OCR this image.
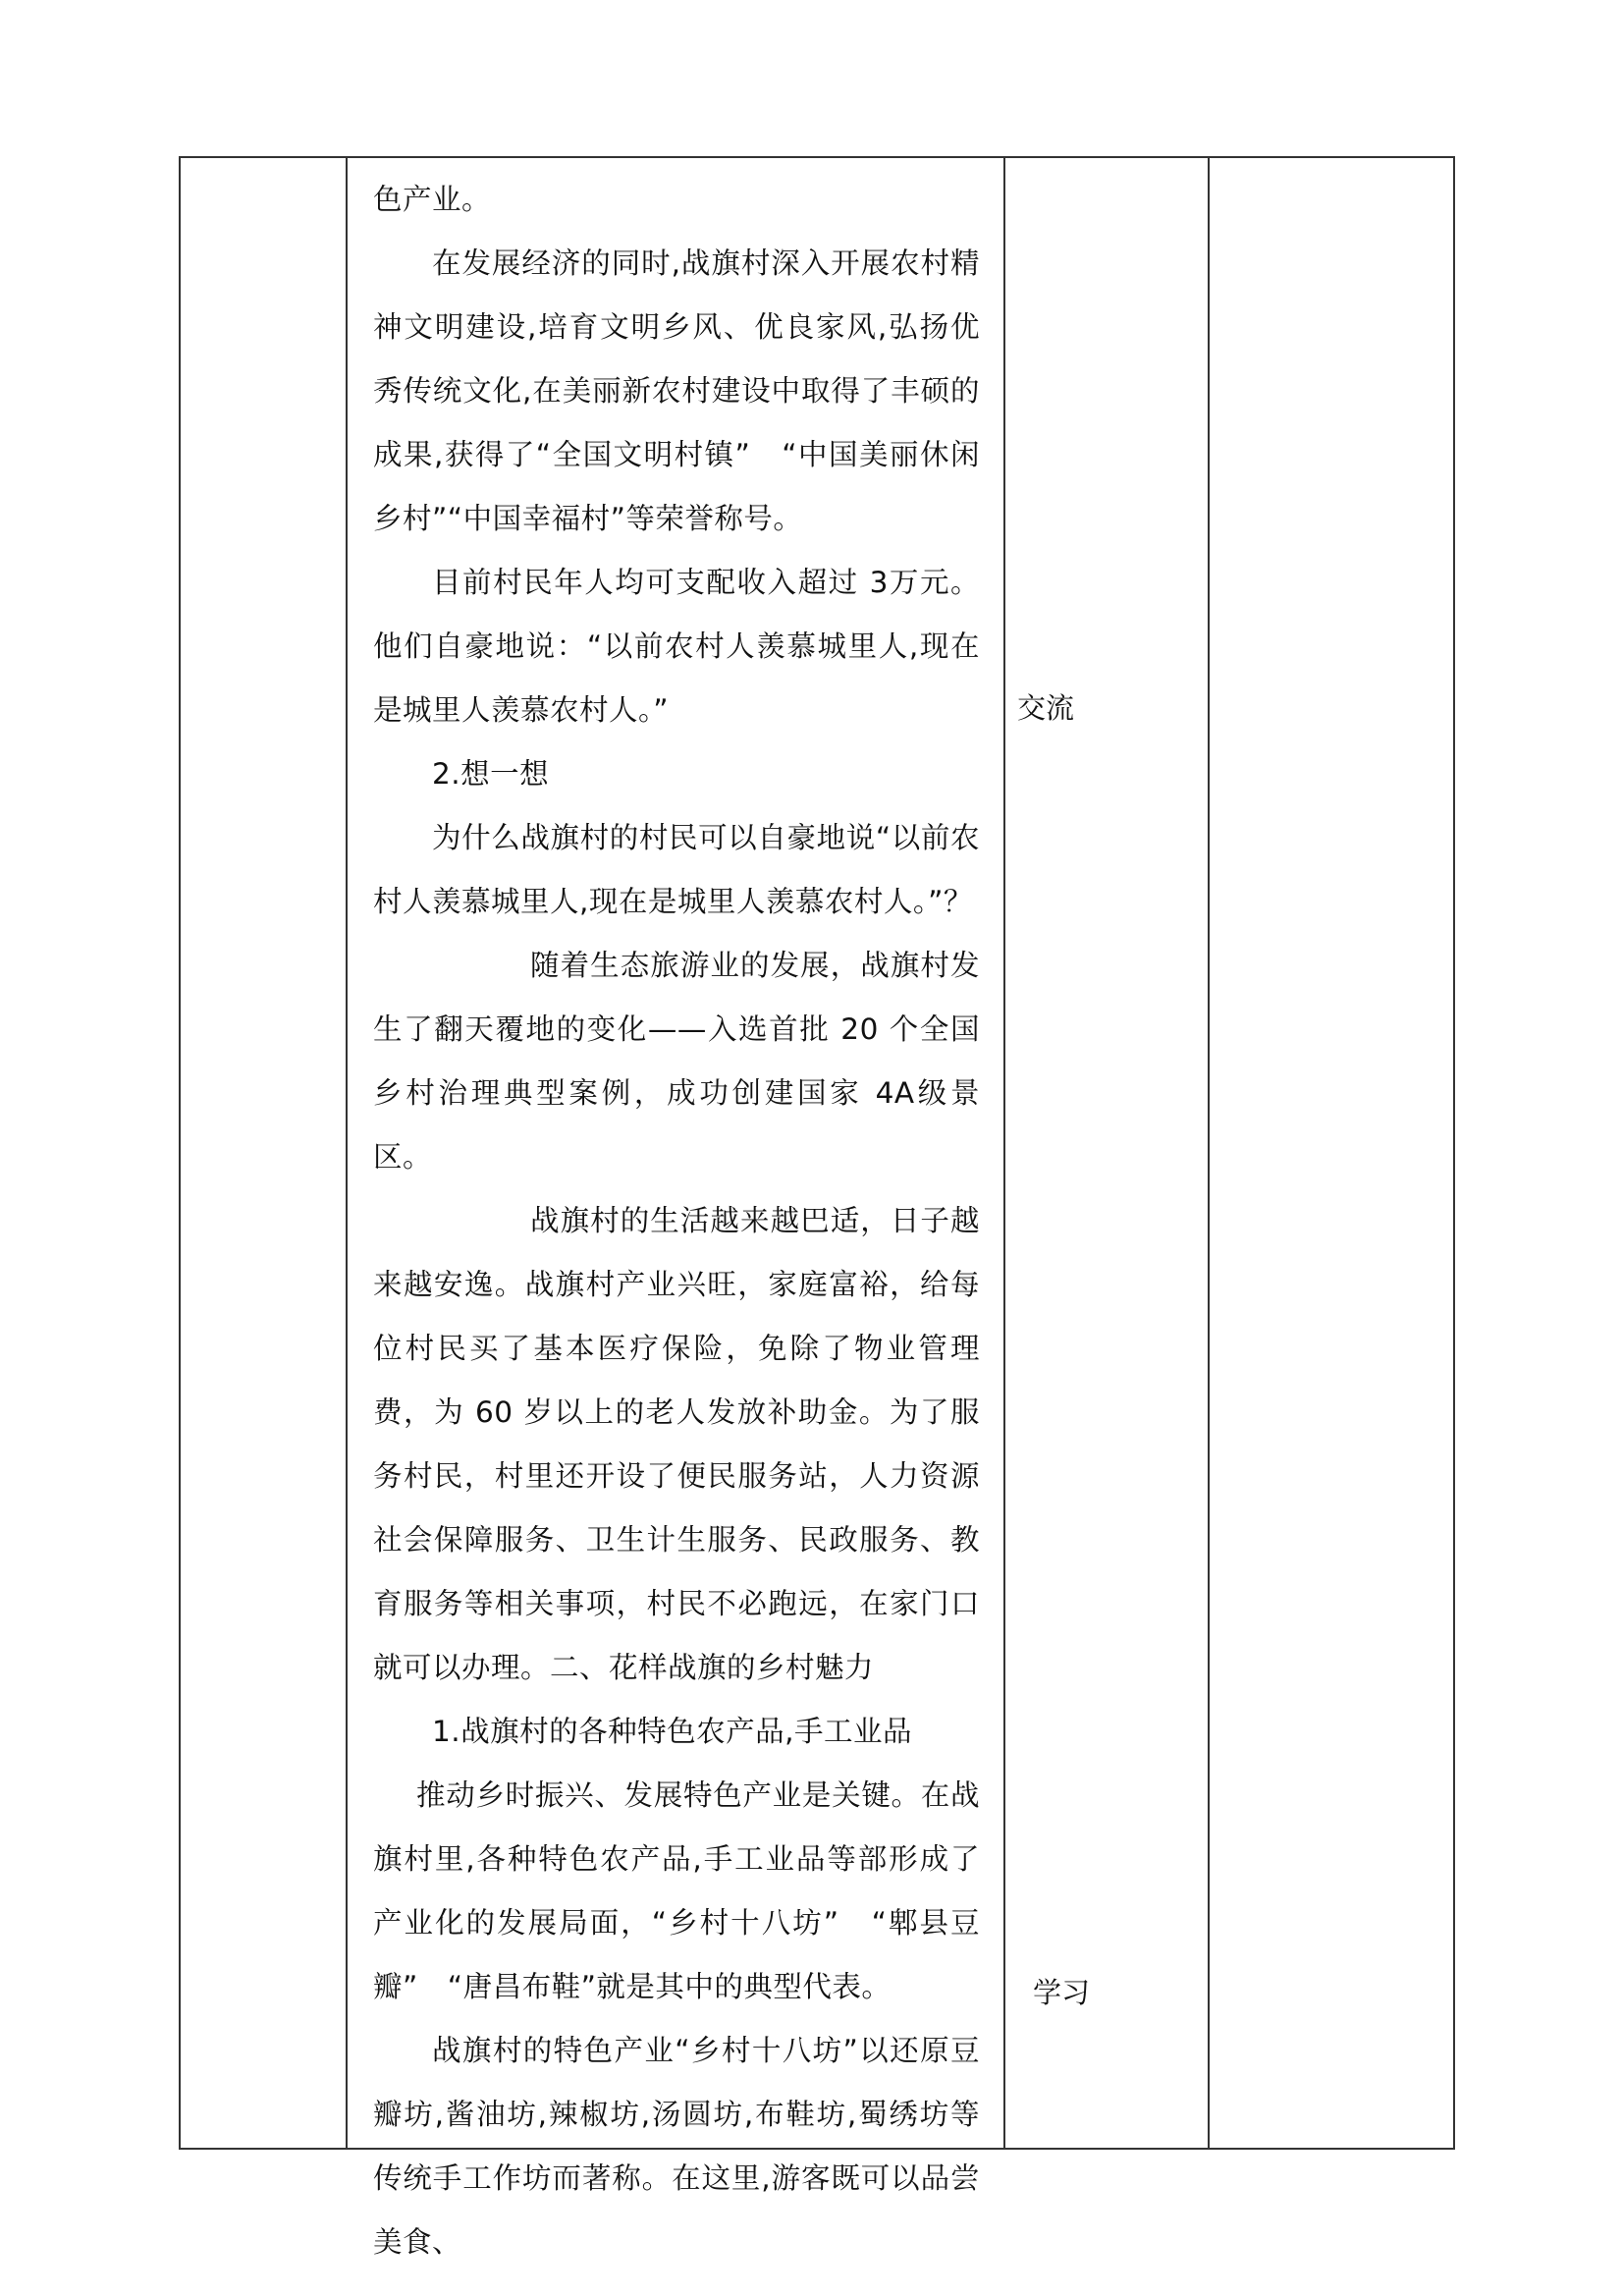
色产业。

在发展经济的同时,战旗村深入开展农村精神文明建设,培育文明乡风、优良家风,弘扬优秀传统文化,在美丽新农村建设中取得了丰硕的成果,获得了“全国文明村镇”　“中国美丽休闲乡村”“中国幸福村”等荣誉称号。

目前村民年人均可支配收入超过 3万元。他们自豪地说：“以前农村人羡慕城里人,现在是城里人羡慕农村人。”

2.想一想

为什么战旗村的村民可以自豪地说“以前农村人羡慕城里人,现在是城里人羡慕农村人。”？

随着生态旅游业的发展，战旗村发生了翻天覆地的变化——入选首批 20 个全国乡村治理典型案例，成功创建国家 4A级景区。

战旗村的生活越来越巴适，日子越来越安逸。战旗村产业兴旺，家庭富裕，给每位村民买了基本医疗保险，免除了物业管理费，为 60 岁以上的老人发放补助金。为了服务村民，村里还开设了便民服务站，人力资源社会保障服务、卫生计生服务、民政服务、教育服务等相关事项，村民不必跑远，在家门口就可以办理。二、花样战旗的乡村魅力

1.战旗村的各种特色农产品,手工业品

推动乡时振兴、发展特色产业是关键。在战旗村里,各种特色农产品,手工业品等部形成了产业化的发展局面，“乡村十八坊”　“郫县豆瓣”　“唐昌布鞋”就是其中的典型代表。

战旗村的特色产业“乡村十八坊”以还原豆瓣坊,酱油坊,辣椒坊,汤圆坊,布鞋坊,蜀绣坊等传统手工作坊而著称。在这里,游客既可以品尝美食、

交流
学习
